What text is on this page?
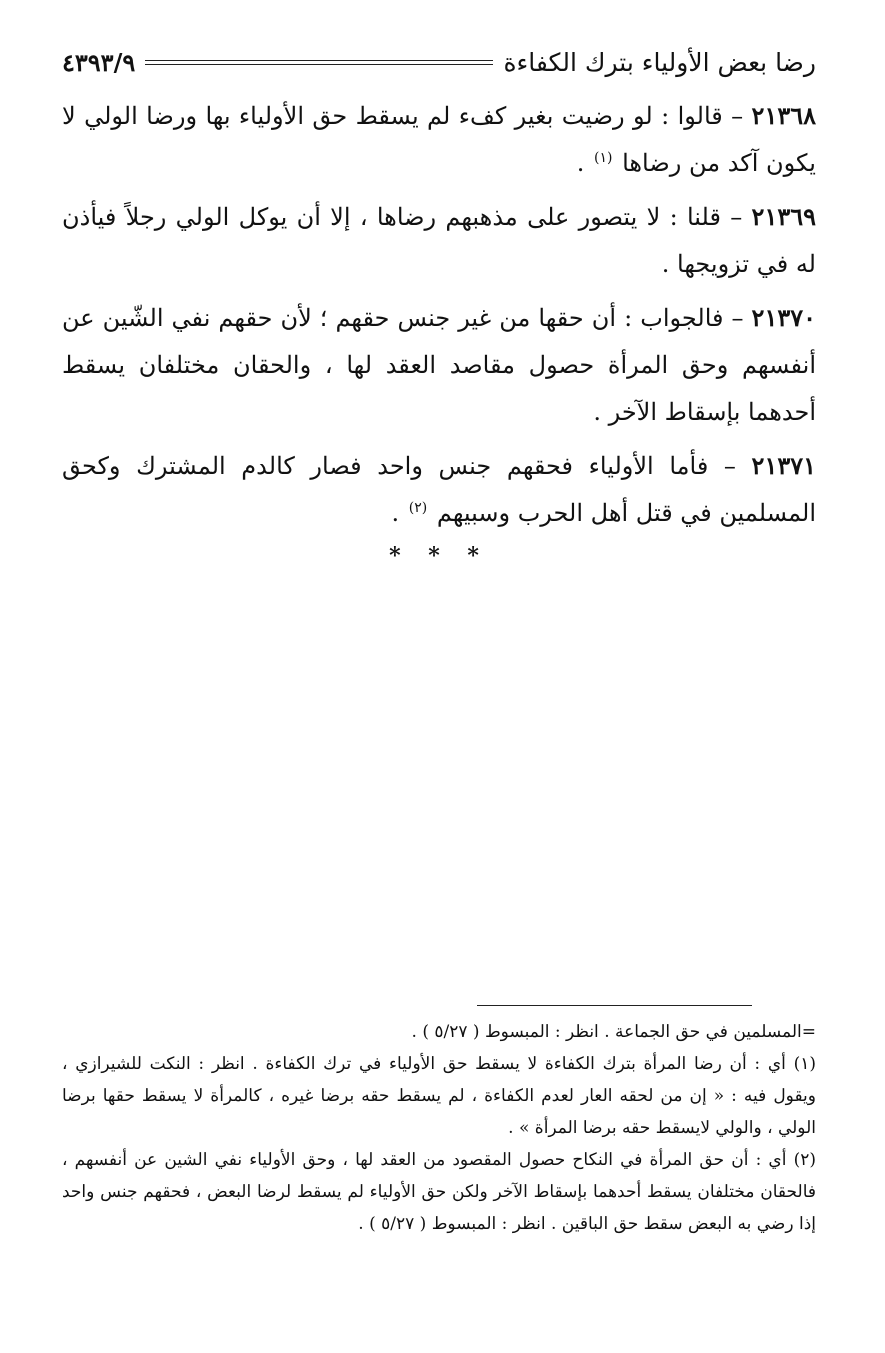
رضا بعض الأولياء بترك الكفاءة
٤٣٩٣/٩

٢١٣٦٨ – قالوا : لو رضيت بغير كفء لم يسقط حق الأولياء بها ورضا الولي لا يكون آكد من رضاها $^{(١)}$ .

٢١٣٦٩ – قلنا : لا يتصور على مذهبهم رضاها ، إلا أن يوكل الولي رجلاً فيأذن له في تزويجها .

٢١٣٧٠ – فالجواب : أن حقها من غير جنس حقهم ؛ لأن حقهم نفي الشّين عن أنفسهم وحق المرأة حصول مقاصد العقد لها ، والحقان مختلفان يسقط أحدهما بإسقاط الآخر .

٢١٣٧١ – فأما الأولياء فحقهم جنس واحد فصار كالدم المشترك وكحق المسلمين في قتل أهل الحرب وسبيهم $^{(٢)}$ .

* * *

=المسلمين في حق الجماعة . انظر : المبسوط ( ٥/٢٧ ) .

(١) أي : أن رضا المرأة بترك الكفاءة لا يسقط حق الأولياء في ترك الكفاءة . انظر : النكت للشيرازي ، ويقول فيه : « إن من لحقه العار لعدم الكفاءة ، لم يسقط حقه برضا غيره ، كالمرأة لا يسقط حقها برضا الولي ، والولي لايسقط حقه برضا المرأة » .

(٢) أي : أن حق المرأة في النكاح حصول المقصود من العقد لها ، وحق الأولياء نفي الشين عن أنفسهم ، فالحقان مختلفان يسقط أحدهما بإسقاط الآخر ولكن حق الأولياء لم يسقط لرضا البعض ، فحقهم جنس واحد إذا رضي به البعض سقط حق الباقين . انظر : المبسوط ( ٥/٢٧ ) .
